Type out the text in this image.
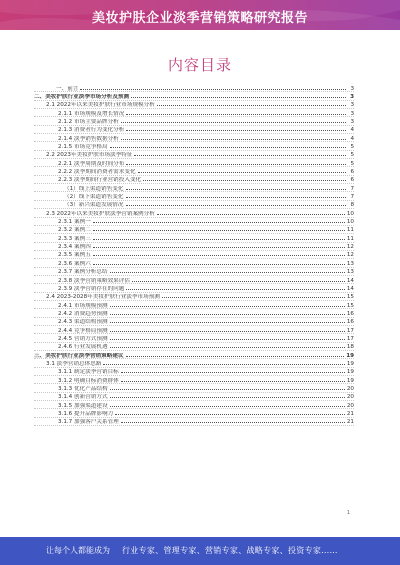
美妆护肤企业淡季营销策略研究报告
内容目录
一、前言	3
二、美妆护肤行业淡季市场分析及预测	3
2.1 2022年以来美妆护肤行业市场规模分析	3
2.1.1 市场规模及增长情况	3
2.1.2 市场主要品牌分析	3
2.1.3 消费者行为变化分析	4
2.1.4 淡季销售数据分析	4
2.1.5 市场竞争格局	5
2.2 2023年美妆护肤市场淡季特征	5
2.2.1 淡季周期及时间分布	5
2.2.2 淡季期间消费者需求变化	6
2.2.3 淡季期间行业营销投入变化	6
（1）线上渠道销售变化	7
（2）线下渠道销售变化	7
（3）新兴渠道发展情况	8
2.3 2022年以来美妆护肤淡季营销案例分析	10
2.3.1 案例一	10
2.3.2 案例二	11
2.3.3 案例三	11
2.3.4 案例四	12
2.3.5 案例五	12
2.3.6 案例六	13
2.3.7 案例分析总结	13
2.3.8 淡季营销策略效果评估	14
2.3.9 淡季营销存在的问题	14
2.4 2023-2028年美妆护肤行业淡季市场预测	15
2.4.1 市场规模预测	15
2.4.2 消费趋势预测	16
2.4.3 渠道结构预测	16
2.4.4 竞争格局预测	17
2.4.5 营销方式预测	17
2.4.6 行业发展机遇	18
三、美妆护肤行业淡季营销策略建议	19
3.1 淡季营销总体思路	19
3.1.1 制定淡季营销目标	19
3.1.2 明确目标消费群体	19
3.1.3 优化产品结构	20
3.1.4 创新营销方式	20
3.1.5 加强渠道建设	20
3.1.6 提升品牌影响力	21
3.1.7 加强客户关系管理	21
1
让每个人都能成为 行业专家、管理专家、营销专家、战略专家、投资专家……
